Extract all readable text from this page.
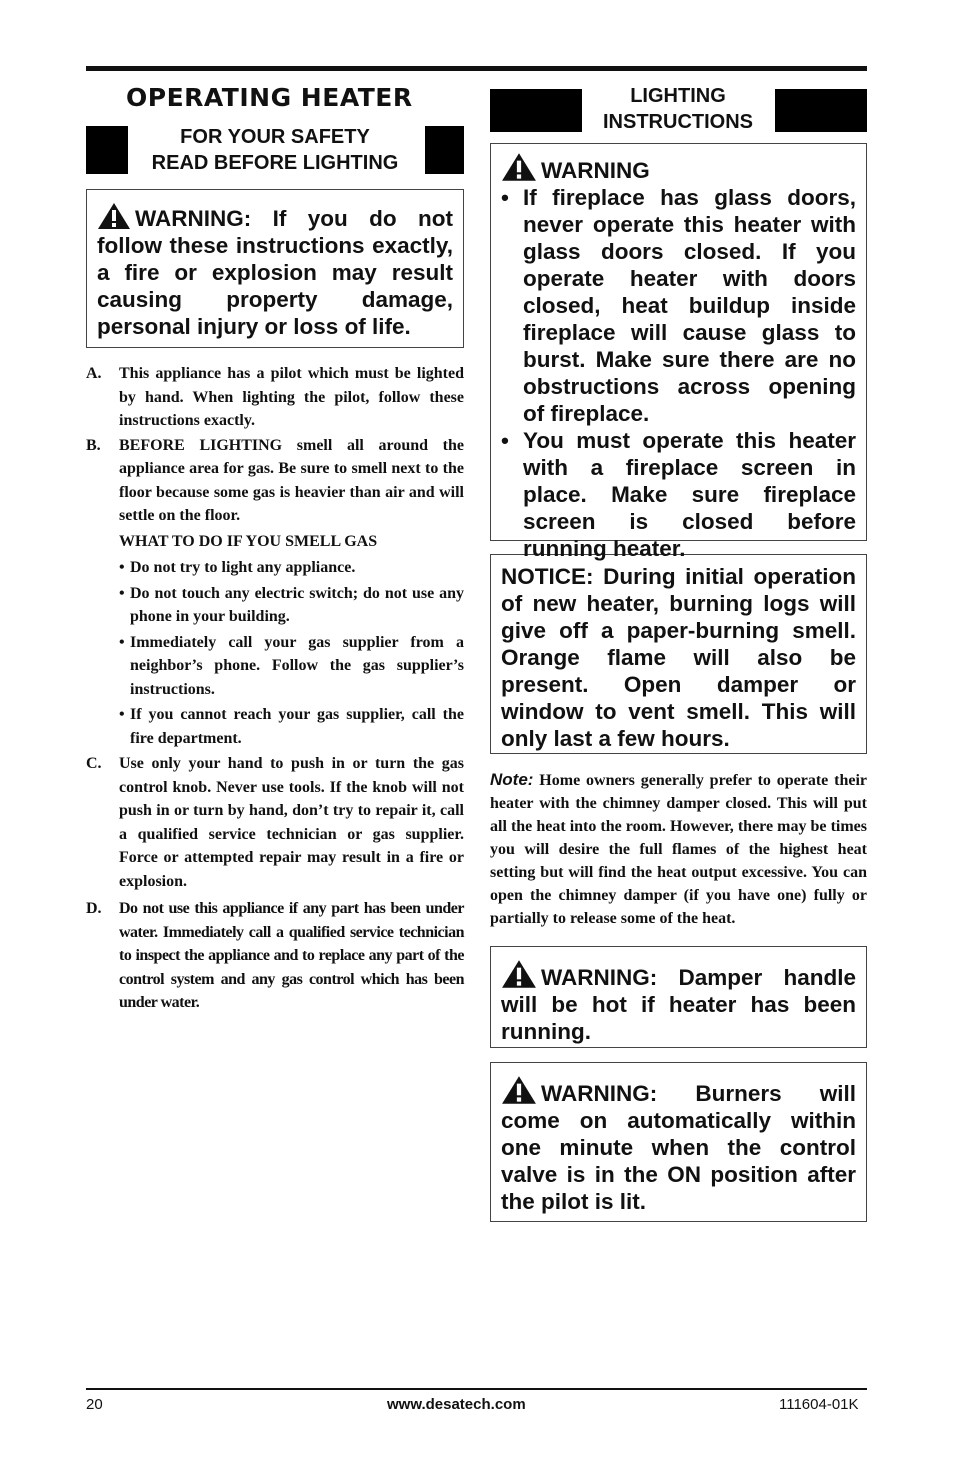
OPERATING HEATER
FOR YOUR SAFETY
READ BEFORE LIGHTING
WARNING: If you do not follow these instructions exactly, a fire or explosion may result causing property damage, personal injury or loss of life.
A. This appliance has a pilot which must be lighted by hand. When lighting the pilot, follow these instructions exactly.
B. BEFORE LIGHTING smell all around the appliance area for gas. Be sure to smell next to the floor because some gas is heavier than air and will settle on the floor.
WHAT TO DO IF YOU SMELL GAS
• Do not try to light any appliance.
• Do not touch any electric switch; do not use any phone in your building.
• Immediately call your gas supplier from a neighbor’s phone. Follow the gas supplier’s instructions.
• If you cannot reach your gas supplier, call the fire department.
C. Use only your hand to push in or turn the gas control knob. Never use tools. If the knob will not push in or turn by hand, don’t try to repair it, call a qualified service technician or gas supplier. Force or attempted repair may result in a fire or explosion.
D. Do not use this appliance if any part has been under water. Immediately call a qualified service technician to inspect the appliance and to replace any part of the control system and any gas control which has been under water.
LIGHTING
INSTRUCTIONS
WARNING
• If fireplace has glass doors, never operate this heater with glass doors closed. If you operate heater with doors closed, heat buildup inside fireplace will cause glass to burst. Make sure there are no obstructions across opening of fireplace.
• You must operate this heater with a fireplace screen in place. Make sure fireplace screen is closed before running heater.
NOTICE: During initial operation of new heater, burning logs will give off a paper-burning smell. Orange flame will also be present. Open damper or window to vent smell. This will only last a few hours.
Note: Home owners generally prefer to operate their heater with the chimney damper closed. This will put all the heat into the room. However, there may be times you will desire the full flames of the highest heat setting but will find the heat output excessive. You can open the chimney damper (if you have one) fully or partially to release some of the heat.
WARNING: Damper handle will be hot if heater has been running.
WARNING: Burners will come on automatically within one minute when the control valve is in the ON position after the pilot is lit.
20	www.desatech.com	111604-01K
